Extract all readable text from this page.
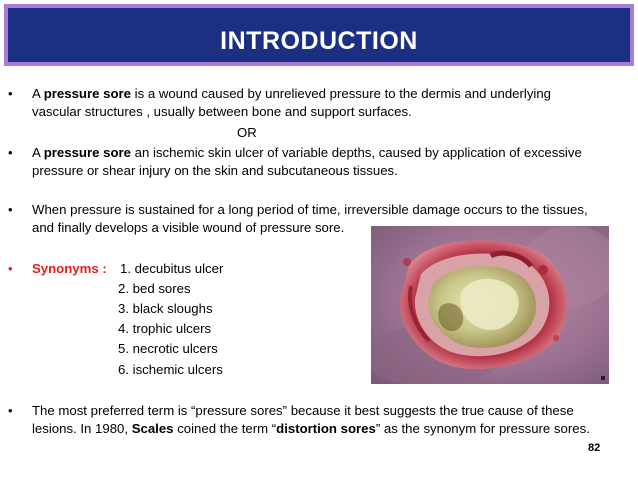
INTRODUCTION
• A pressure sore is a wound caused by unrelieved pressure to the dermis and underlying
vascular structures , usually between bone and support surfaces.
OR
• A pressure sore an ischemic skin ulcer of variable depths, caused by application of excessive
pressure or shear injury on the skin and subcutaneous tissues.
• When pressure is sustained for a long period of time, irreversible damage occurs to the tissues,
and finally develops a visible wound of pressure sore.
• Synonyms : 1. decubitus ulcer
2. bed sores
3. black sloughs
4. trophic ulcers
5. necrotic ulcers
6. ischemic ulcers
• The most preferred term is “pressure sores” because it best suggests the true cause of these
lesions. In 1980, Scales coined the term “distortion sores” as the synonym for pressure sores.
82
